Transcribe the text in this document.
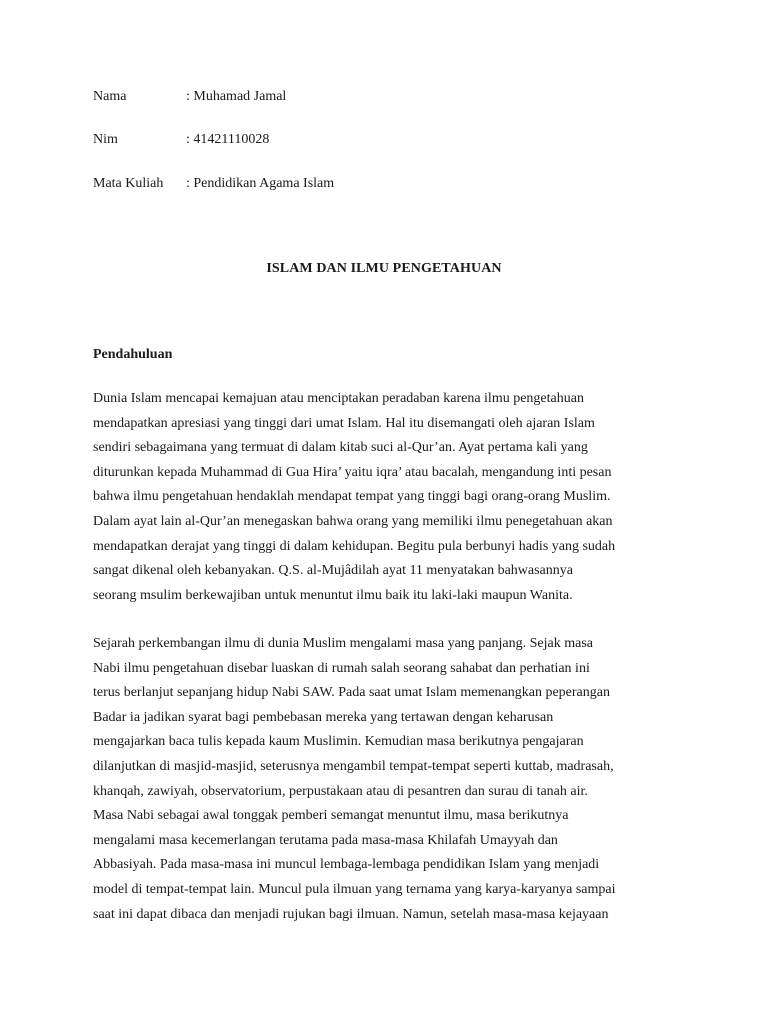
Nama	: Muhamad Jamal
Nim	: 41421110028
Mata Kuliah : Pendidikan Agama Islam
ISLAM DAN ILMU PENGETAHUAN
Pendahuluan
Dunia Islam mencapai kemajuan atau menciptakan peradaban karena ilmu pengetahuan
mendapatkan apresiasi yang tinggi dari umat Islam. Hal itu disemangati oleh ajaran Islam
sendiri sebagaimana yang termuat di dalam kitab suci al-Qur’an. Ayat pertama kali yang
diturunkan kepada Muhammad di Gua Hira’ yaitu iqra’ atau bacalah, mengandung inti pesan
bahwa ilmu pengetahuan hendaklah mendapat tempat yang tinggi bagi orang-orang Muslim.
Dalam ayat lain al-Qur’an menegaskan bahwa orang yang memiliki ilmu penegetahuan akan
mendapatkan derajat yang tinggi di dalam kehidupan. Begitu pula berbunyi hadis yang sudah
sangat dikenal oleh kebanyakan. Q.S. al-Mujâdilah ayat 11 menyatakan bahwasannya
seorang msulim berkewajiban untuk menuntut ilmu baik itu laki-laki maupun Wanita.
Sejarah perkembangan ilmu di dunia Muslim mengalami masa yang panjang. Sejak masa
Nabi ilmu pengetahuan disebar luaskan di rumah salah seorang sahabat dan perhatian ini
terus berlanjut sepanjang hidup Nabi SAW. Pada saat umat Islam memenangkan peperangan
Badar ia jadikan syarat bagi pembebasan mereka yang tertawan dengan keharusan
mengajarkan baca tulis kepada kaum Muslimin. Kemudian masa berikutnya pengajaran
dilanjutkan di masjid-masjid, seterusnya mengambil tempat-tempat seperti kuttab, madrasah,
khanqah, zawiyah, observatorium, perpustakaan atau di pesantren dan surau di tanah air.
Masa Nabi sebagai awal tonggak pemberi semangat menuntut ilmu, masa berikutnya
mengalami masa kecemerlangan terutama pada masa-masa Khilafah Umayyah dan
Abbasiyah. Pada masa-masa ini muncul lembaga-lembaga pendidikan Islam yang menjadi
model di tempat-tempat lain. Muncul pula ilmuan yang ternama yang karya-karyanya sampai
saat ini dapat dibaca dan menjadi rujukan bagi ilmuan. Namun, setelah masa-masa kejayaan
